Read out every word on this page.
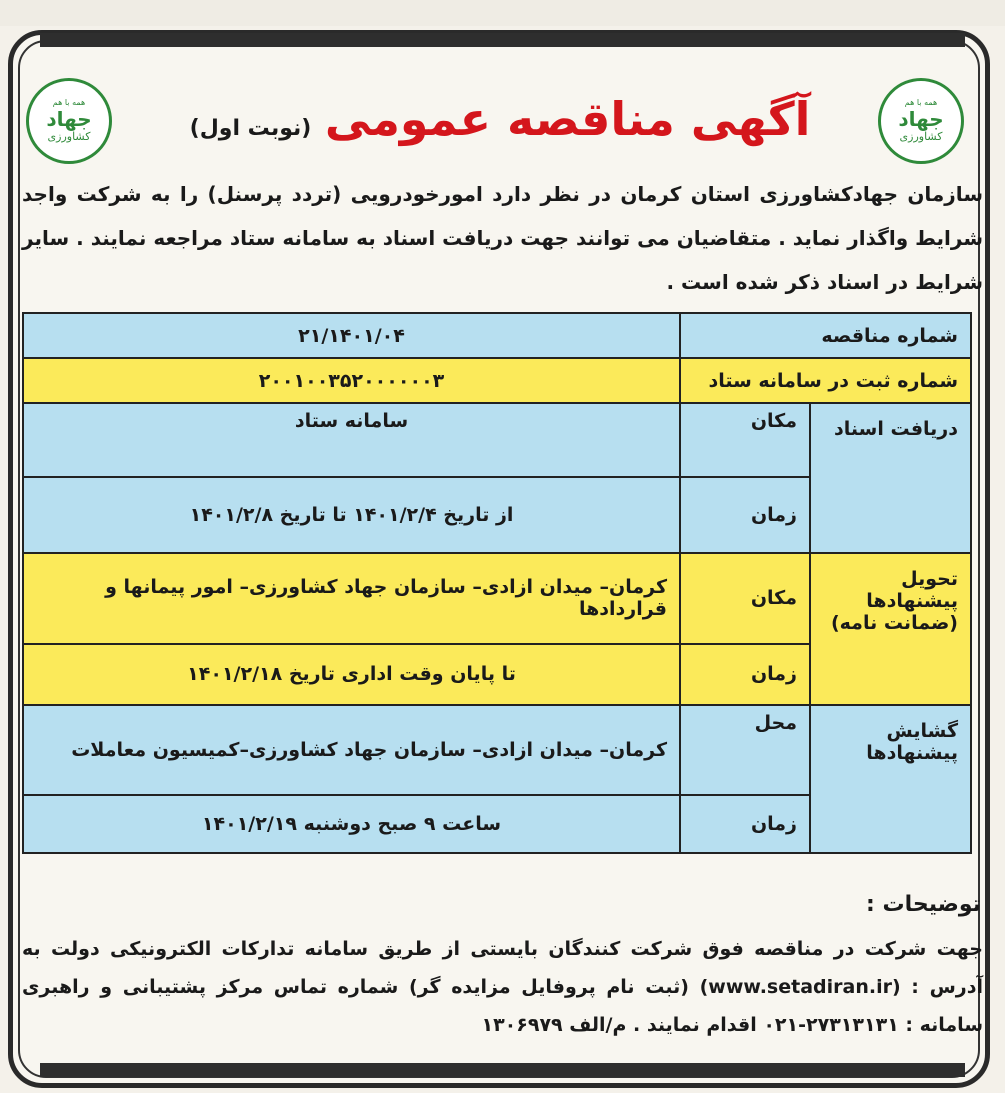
همه با هم
جهاد
کشاورزی
همه با هم
جهاد
کشاورزی
آگهی مناقصه عمومی (نوبت اول)
سازمان جهادکشاورزی استان کرمان در نظر دارد امورخودرویی (تردد پرسنل) را به شرکت واجد شرایط واگذار نماید . متقاضیان می توانند جهت دریافت اسناد به سامانه ستاد مراجعه نمایند . سایر شرایط در اسناد ذکر شده است .
شماره مناقصه		۲۱/۱۴۰۱/۰۴
شماره ثبت در سامانه ستاد		۲۰۰۱۰۰۳۵۲۰۰۰۰۰۰۳
دریافت اسناد	مکان	سامانه ستاد
	زمان	از تاریخ ۱۴۰۱/۲/۴ تا تاریخ ۱۴۰۱/۲/۸
تحویل پیشنهادها (ضمانت نامه)	مکان	کرمان– میدان ازادی– سازمان جهاد کشاورزی– امور پیمانها و قراردادها
	زمان	تا پایان وقت اداری تاریخ ۱۴۰۱/۲/۱۸
گشایش پیشنهادها	محل	کرمان– میدان ازادی– سازمان جهاد کشاورزی–کمیسیون معاملات
	زمان	ساعت ۹ صبح دوشنبه ۱۴۰۱/۲/۱۹
توضیحات :
جهت شرکت در مناقصه فوق شرکت کنندگان بایستی از طریق سامانه تدارکات الکترونیکی دولت به آدرس : (www.setadiran.ir) (ثبت نام پروفایل مزایده گر) شماره تماس مرکز پشتیبانی و راهبری سامانه : ۲۷۳۱۳۱۳۱-۰۲۱ اقدام نمایند . م/الف ۱۳۰۶۹۷۹
